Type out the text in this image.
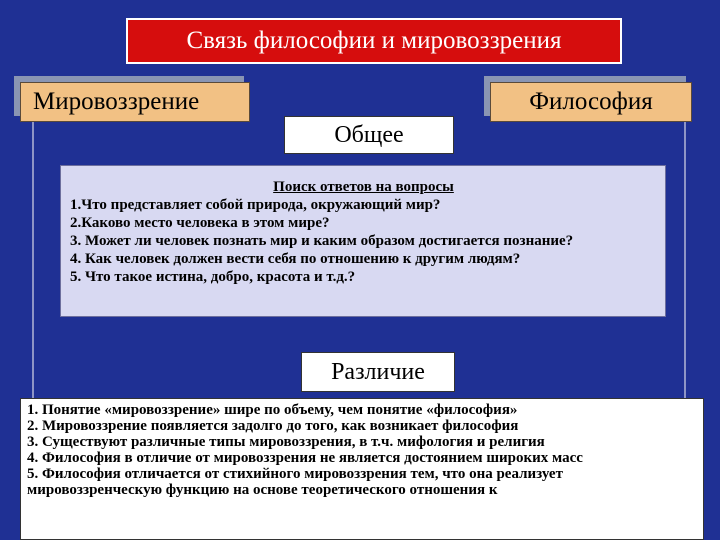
Связь философии и мировоззрения
Мировоззрение	Философия
Общее
Поиск ответов на вопросы
1.Что представляет собой природа, окружающий мир?
2.Каково место человека в этом мире?
3. Может ли человек познать мир и каким образом достигается познание?
4. Как человек должен вести себя по отношению к другим людям?
5. Что такое истина, добро, красота и т.д.?
Различие
1. Понятие «мировоззрение» шире по объему, чем понятие «философия»
2. Мировоззрение появляется задолго до того, как возникает философия
3. Существуют различные типы мировоззрения, в т.ч. мифология и религия
4. Философия в отличие от мировоззрения не является достоянием широких масс
5. Философия отличается от стихийного мировоззрения тем, что она реализует
мировоззренческую функцию на основе теоретического отношения к
